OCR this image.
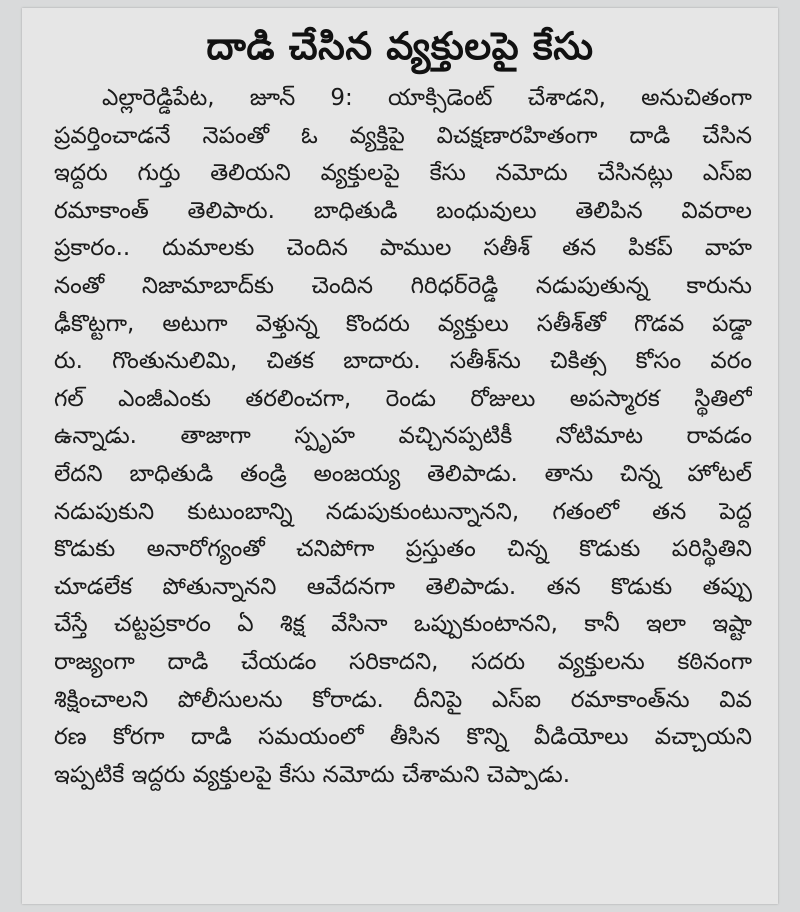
దాడి చేసిన వ్యక్తులపై కేసు
ఎల్లారెడ్డిపేట, జూన్ 9: యాక్సిడెంట్ చేశాడని, అనుచితంగా
ప్రవర్తించాడనే నెపంతో ఓ వ్యక్తిపై విచక్షణారహితంగా దాడి చేసిన
ఇద్దరు గుర్తు తెలియని వ్యక్తులపై కేసు నమోదు చేసినట్లు ఎస్ఐ
రమాకాంత్ తెలిపారు. బాధితుడి బంధువులు తెలిపిన వివరాల
ప్రకారం.. దుమాలకు చెందిన పాముల సతీశ్ తన పికప్ వాహ
నంతో నిజామాబాద్‌కు చెందిన గిరిధర్‌రెడ్డి నడుపుతున్న కారును
ఢీకొట్టగా, అటుగా వెళ్తున్న కొందరు వ్యక్తులు సతీశ్‌తో గొడవ పడ్డా
రు. గొంతునులిమి, చితక బాదారు. సతీశ్‌ను చికిత్స కోసం వరం
గల్ ఎంజీఎంకు తరలించగా, రెండు రోజులు అపస్మారక స్థితిలో
ఉన్నాడు. తాజాగా స్పృహ వచ్చినప్పటికీ నోటిమాట రావడం
లేదని బాధితుడి తండ్రి అంజయ్య తెలిపాడు. తాను చిన్న హోటల్
నడుపుకుని కుటుంబాన్ని నడుపుకుంటున్నానని, గతంలో తన పెద్ద
కొడుకు అనారోగ్యంతో చనిపోగా ప్రస్తుతం చిన్న కొడుకు పరిస్థితిని
చూడలేక పోతున్నానని ఆవేదనగా తెలిపాడు. తన కొడుకు తప్పు
చేస్తే చట్టప్రకారం ఏ శిక్ష వేసినా ఒప్పుకుంటానని, కానీ ఇలా ఇష్టా
రాజ్యంగా దాడి చేయడం సరికాదని, సదరు వ్యక్తులను కఠినంగా
శిక్షించాలని పోలీసులను కోరాడు. దీనిపై ఎస్ఐ రమాకాంత్‌ను వివ
రణ కోరగా దాడి సమయంలో తీసిన కొన్ని వీడియోలు వచ్చాయని
ఇప్పటికే ఇద్దరు వ్యక్తులపై కేసు నమోదు చేశామని చెప్పాడు.
